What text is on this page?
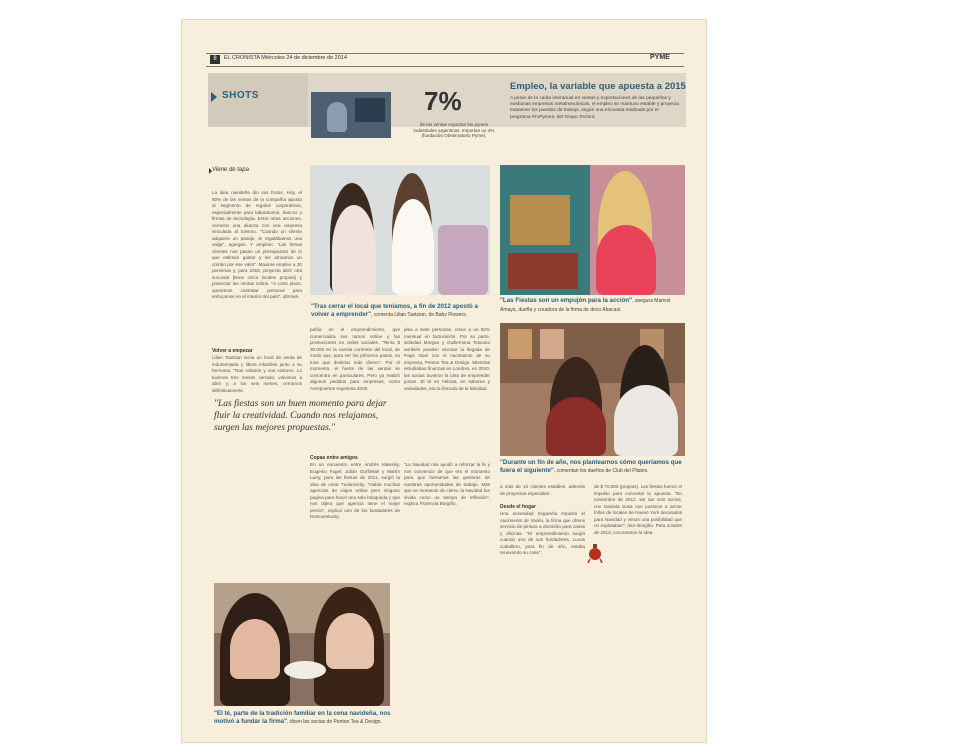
8	EL CRONISTA Miércoles 24 de diciembre de 2014	PYME
SHOTS	7%
de las ventas exportan las pymes industriales argentinas. Importan un 4% (fundación Observatorio Pyme).
Empleo, la variable que apuesta a 2015
A pesar de la caída interanual en ventas y exportaciones de las pequeñas y medianas empresas metalmecánicas, el empleo se mantuvo estable y proyecta mantener los puestos de trabajo, según una encuesta realizada por el programa ProPymes, del Grupo Techint.
Viene de tapa
La idea navideña dio sus frutos. Hoy, el 60% de las ventas de la compañía apunta al segmento de regalos corporativos, especialmente para laboratorios, bancos y firmas de tecnología. Entre otras acciones, cerraron una alianza con una empresa vinculada al turismo. "Cuando un cliente adquiere un pasaje, le regalábamos una valija", agregan. Y amplían: "Las firmas clientes nos pasan un presupuesto de lo que estiman gastar y les armamos un combo por ese valor". Maxime empleo a 30 personas y, para 2015, proyecta abrir otra sucursal (tiene cinco locales propios) y potenciar las ventas online. "A corto plazo, queremos contratar personal para enfocarnos en el interior del país", afirman.
Volver a empezar
Lilian Tastzian tenía un local de venta de indumentaria y libros infantiles junto a su hermana. "Nos robaron y nos violaron. Lo tuvimos tres meses cerrado, volvimos a abrir y, a los seis meses, cerramos definitivamente.
"Las fiestas son un buen momento para dejar fluir la creatividad. Cuando nos relajamos, surgen las mejores propuestas."
"Tras cerrar el local que teníamos, a fin de 2012 apostó a volver a emprender", comenta Lilian Tastzian, de Baby Flowers.
"Las Fiestas son un empujón para la acción", asegura Maricel Amaya, dueña y creadora de la firma de deco Abacaxi.
"Durante un fin de año, nos plantearnos cómo queríamos que fuera el siguiente", comentan los dueños de Club del Pilates.
"El té, parte de la tradición familiar en la cena navideña, nos motivó a fundar la firma", dicen las socias de Penton Tea & Design.
pañía en el emprendimiento, que comercializa sus ramos online y las promociones en redes sociales. "Tenía $ 30.000 en la cuenta corriente del local, de modo que, para ver los primeros pasos, no tuve que destinar más dinero". Por el momento, el fuerte de las ventas se concentra en particulares. Pero ya realizó algunos pedidos para empresas, como Aeropuertos Argentina 2000.
Copas entre amigos
En un encuentro entre Andrés Maleriky, Eugenio Fagel, Julián Gurfinkiel y Martín Larry, para las fiestas de 2011, surgió la idea de crear Turismocity. "Había muchas agencias de viajes online pero ninguno pagina para hacer uno solo búsqueda y que nos dijera qué agencia tiene el mejor precio", explica uno de los fundadores de Descuentocity.
plea a siete personas, crece a un 50% mensual en facturación. Por su parte, Soledad Morgan y Guillermina Toscano también pueden vincular la llegada de Papá Noel con el nacimiento de su empresa, Penton Tea & Design. Mientras estudiaban finanzas en Londres, en 2010, las socias tuvieron la idea de emprender juntas. El té en hebras, en sabores y variedades, era la fórmula de la felicidad.
"La Navidad nos ayudó a reforzar la fe y nos convenció de que era el momento para que fuéramos las gestoras de nuestras oportunidades de trabajo. Más que un momento de cierre, la Navidad fue vivida como un tiempo de reflexión", explica Florencia Borgiño.
a más de 16 clientes estables, además de proyectos especiales.
Desde el hogar
Una necesidad hogareña impulsó el nacimiento de Vanilu, la firma que ofrece servicio de pintura a domicilio para casas y oficinas. "El emprendimiento surgió cuando uno de sus fundadores, Lucas Caballero, para fin de año, estaba renovando su casa".
de $ 70.000 (propios). Las fiestas fueron el impulso para concretar la apuesta. "En noviembre de 2012, ser tan solo socios, con Daniela Sosa nos pusimos a armar follos de locales de Nuevo York decorados para Navidad y vimos una posibilidad que no explotaban", dice Borgiño. Para octubre de 2013, concretaron la idea.
